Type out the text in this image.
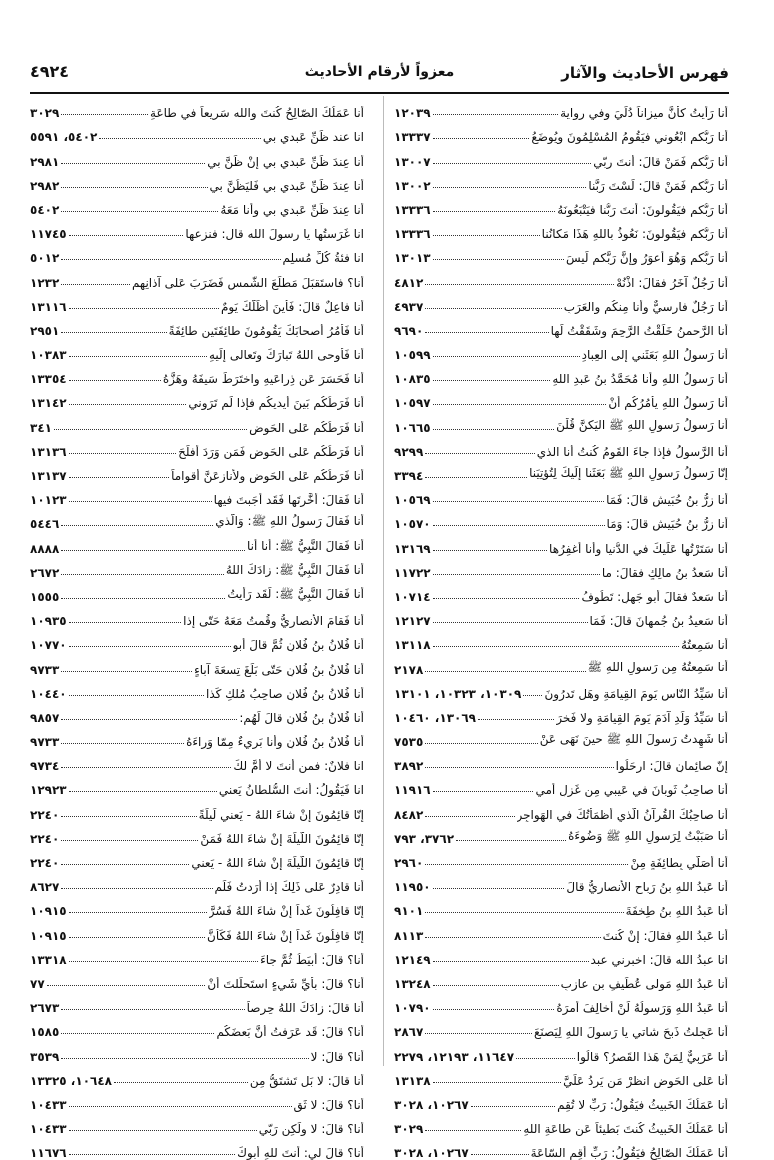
فهرس الأحاديث والآثار
معزواً لأرقام الأحاديث
٤٩٢٤
أنا رَأيتُ كأنَّ ميزاناً دُلِّيَ وفي رواية
١٢٠٣٩
أنا رَبُّكم ابْعُوني فيَقُومُ المُسْلِمُونَ ويُوضَعُ
١٣٣٣٧
أنا رَبُّكم فَمَنْ قالَ: أنتَ ربّي
١٣٠٠٧
أنا رَبُّكم فَمَنْ قالَ: لَسْتَ رَبَّنا
١٣٠٠٢
أنا رَبُّكم فيَقُولونَ: أنتَ رَبُّنا فيَتْبَعُونَهُ
١٣٣٣٦
أنا رَبُّكم فيَقُولونَ: نَعُوذُ باللهِ هَذَا مَكانُنا
١٣٣٣٦
أنا رَبُّكم وَهُوَ أعوَرُ وإنَّ رَبَّكم لَيسَ
١٣٠١٣
أنا رَجُلٌ آخَرُ فقالَ: اذْنُهْ
٤٨١٢
أنا رَجُلٌ فارسيٌّ وأنا مِنكُم والعَرَبِ
٤٩٣٧
أنا الرَّحمنُ خَلَقْتُ الرَّحِمَ وشَقَقْتُ لَها
٩٦٩٠
أنا رَسولُ اللهِ بَعَثَني إلى العِبادِ
١٠٥٩٩
أنا رَسولُ اللهِ وأنا مُحَمَّدُ بنُ عَبدِ اللهِ
١٠٨٣٥
أنا رَسولُ اللهِ يأمُرُكُم أنْ
١٠٥٩٧
أنا رَسولُ رَسولِ اللهِ ﷺ اليَكنَّ قُلْنَ
١٠٦٦٥
أنا الرَّسولُ فإذا جاءَ القَومُ كُنتُ أنا الذي
٩٢٩٩
إنّا رَسولُ رَسولِ اللهِ ﷺ بَعَثَنا إلَيكَ لِتُؤتِيَنا
٣٣٩٤
أنا زِرُّ بنُ حُبَيشٍ قالَ: فَمَا
١٠٥٦٩
أنا زِرُّ بنُ حُبَيشٍ قالَ: وَمَا
١٠٥٧٠
أنا سَتَرْتُها عَلَيكَ في الدُّنيا وأنا أغفِرُها
١٣١٦٩
أنا سَعدُ بنُ مالِكٍ فقالَ: ما
١١٧٢٢
أنا سَعدٌ فقالَ أبو جَهلٍ: تَطُوفُ
١٠٧١٤
أنا سَعيدُ بنُ جُمهانَ قالَ: فَمَا
١٢١٢٧
أنا سَمِعتُهُ
١٣١١٨
أنا سَمِعتُهُ مِن رَسولِ اللهِ ﷺ
٢١٧٨
أنا سَيِّدُ النّاسِ يَومَ القِيامَةِ وهَل تَدرُونَ
١٠٣٠٩، ١٠٣٢٣، ١٣١٠١
أنا سَيِّدُ وَلَدِ آدَمَ يَومَ القِيامَةِ ولا فَخرَ
١٣٠٦٩، ١٠٤٦٠
أنا شَهِدتُ رَسولَ اللهِ ﷺ حينَ نَهَى عَنْ
٧٥٣٥
إنّ صائِمانِ قالَ: ارحَلُوا
٣٨٩٢
أنا صاحِبُ ثَوبانَ في عَيبي مِن غَزلِ أمي
١١٩١٦
أنا صاحِبُكَ القُرآنُ الَّذي أظمَأتُكَ في الهَواجِرِ
٨٤٨٢
أنا صَبَبْتُ لِرَسولِ اللهِ ﷺ وَضُوءَهُ
٣٧٦٢، ٧٩٣
أنا أُصَلّي بِطائِفَةٍ مِنْ
٢٩٦٠
أنا عَبدُ اللهِ بنُ رَباحٍ الأنصارِيُّ قالَ
١١٩٥٠
أنا عَبدُ اللهِ بنُ طِخفَةَ
٩١٠١
أنا عَبدُ اللهِ فقالَ: إنْ كُنتَ
٨١١٣
انا عبدُ الله قالَ: اخبرني عبد
١٢١٤٩
أنا عَبدُ اللهِ مَولى عُطَيفِ بنِ عازِبٍ
١٣٢٤٨
أنا عَبدُ اللهِ وَرَسولُهُ لَنْ أُخالِفَ أمرَهُ
١٠٧٩٠
أنا عَجِلتُ ذَبحَ شاتي يا رَسولَ اللهِ لِيَصنَعَ
٢٨٦٧
أنا عَرَبِيٌّ لِمَنْ هَذا القَصرُ؟ قالُوا
١١٦٤٧، ١٢١٩٣، ٢٢٧٩
أنا عَلى الحَوضِ انظرْ مَن يَرِدُ عَلَيَّ
١٣١٣٨
أنا عَمَلُكَ الخَبيثُ فيَقُولُ: رَبِّ لا تُقِمِ
١٠٢٦٧، ٣٠٢٨
أنا عَمَلُكَ الخَبيثُ كُنتَ بَطيئاً عَن طاعَةِ اللهِ
٣٠٢٩
أنا عَمَلُكَ الصّالِحُ فيَقُولُ: رَبِّ أقِمِ السّاعَةَ
١٠٢٦٧، ٣٠٢٨
أنا عَمَلُكَ الصّالِحُ كُنتَ والله سَريعاً في طاعَةِ
٣٠٢٩
انا عند ظَنِّ عَبدي بي
٥٤٠٢، ٥٥٩١
أنا عِندَ ظَنِّ عَبدي بي إنْ ظَنَّ بي
٢٩٨١
أنا عِندَ ظَنِّ عَبدي بي فَليَظُنَّ بي
٢٩٨٢
أنا عِندَ ظَنِّ عَبدي بي وأنا مَعَهُ
٥٤٠٢
انا غَرَستُها يا رسولَ الله قال: فنزعها
١١٧٤٥
انا فئةُ كُلِّ مُسلِمٍ
٥٠١٢
أنا؟ فاستَقبَلَ مَطلَعَ الشَّمسِ فَضَرَبَ عَلى آذانِهِم
١٢٣٢
أنا فاعِلٌ قالَ: فَأينَ أظَلُّكَ يَومٌ
١٣١١٦
أنا فَأمُرُ أصحابَكَ يَقُومُونَ طائِفَتَينِ طائِفَةً
٢٩٥١
أنا فَأُوحى اللهُ تَبارَكَ وتَعالى إلَيهِ
١٠٣٨٣
أنا فَحَسَرَ عَن ذِراعَيهِ واختَرَطَ سَيفَهُ وهَزَّهُ
١٣٣٥٤
أنا فَرَطُكُم بَينَ أيديكُم فإذا لَم تَرَوني
١٣١٤٢
أنا فَرَطُكُم عَلى الحَوضِ
٣٤١
أنا فَرَطُكُم عَلى الحَوضِ فَمَن وَرَدَ أفلَحَ
١٣١٣٦
أنا فَرَطُكُم عَلى الحَوضِ ولأُنازِعَنَّ أقواماً
١٣١٣٧
أنا فَقالَ: أخَّرتَها فَقَد أجَبتَ فيها
١٠١٢٣
أنا فَقالَ رَسولُ اللهِ ﷺ: وَالَّذي
٥٤٤٦
أنا فَقالَ النَّبِيُّ ﷺ: أنا أنا
٨٨٨٨
أنا فَقالَ النَّبِيُّ ﷺ: زادَكَ اللهُ
٢٦٧٢
أنا فَقالَ النَّبِيُّ ﷺ: لَقَد رَأيتُ
١٥٥٥
أنا فَقامَ الأنصارِيُّ وقُمتُ مَعَهُ حَتّى إذا
١٠٩٣٥
أنا فُلانُ بنُ فُلانٍ ثُمَّ قالَ أبو
١٠٧٧٠
أنا فُلانُ بنُ فُلانٍ حَتّى بَلَغَ تِسعَةَ آباءٍ
٩٧٣٣
أنا فُلانُ بنُ فُلانٍ صاحِبُ مُلكِ كَذا
١٠٤٤٠
أنا فُلانُ بنُ فُلانٍ قالَ لَهُم:
٩٨٥٧
أنا فُلانُ بنُ فُلانٍ وأنا بَريءٌ مِمّا وَراءَهُ
٩٧٣٣
انا فلانٌ: فمن أنتَ لا أمَّ لكَ
٩٧٣٤
انا فَيَقُولُ: أنتَ السُّلطانُ يَعني
١٢٩٢٣
إنّا قائِمُونَ إنْ شاءَ اللهُ - يَعني لَيلَةً
٢٢٤٠
إنّا قائِمُونَ اللَّيلَةَ إنْ شاءَ اللهُ فَمَنْ
٢٢٤٠
إنّا قائِمُونَ اللَّيلَةَ إنْ شاءَ اللهُ - يَعني
٢٢٤٠
أنا قادِرٌ عَلى ذَلِكَ إذا أرَدتُ فَلَم
٨٦٢٧
إنّا قافِلُونَ غَداً إنْ شاءَ اللهُ فَسُرَّ
١٠٩١٥
إنّا قافِلُونَ غَداً إنْ شاءَ اللهُ فَكَأنَّ
١٠٩١٥
أنا؟ قالَ: أبيَطُ ثُمَّ جاءَ
١٣٣١٨
أنا؟ قالَ: بأيِّ شَيءٍ استَحلَلتَ أنْ
٧٧
أنا قالَ: زادَكَ اللهُ حِرصاً
٢٦٧٣
أنا؟ قالَ: قَد عَرَفتُ أنَّ بَعضَكُم
١٥٨٥
أنا؟ قالَ: لا
٣٥٣٩
أنا قالَ: لا بَل تَشتَقُّ مِن
١٠٦٤٨، ١٣٣٢٥
أنا؟ قالَ: لا ثَقِ
١٠٤٣٣
أنا؟ قالَ: لا ولَكِن رَبّي
١٠٤٣٣
أنا؟ قالَ لي: أنتَ للهِ أبوكَ
١١٦٧٦
